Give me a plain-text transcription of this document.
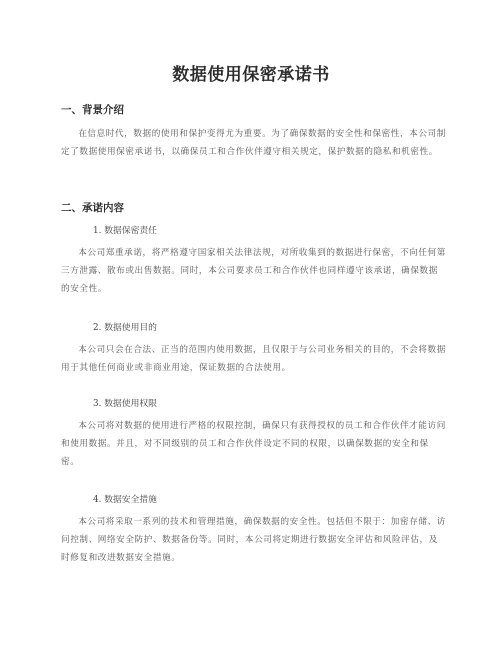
数据使用保密承诺书
一、背景介绍

在信息时代，数据的使用和保护变得尤为重要。为了确保数据的安全性和保密性，本公司制定了数据使用保密承诺书，以确保员工和合作伙伴遵守相关规定，保护数据的隐私和机密性。

二、承诺内容
1. 数据保密责任

本公司郑重承诺，将严格遵守国家相关法律法规，对所收集到的数据进行保密，不向任何第三方泄露、散布或出售数据。同时，本公司要求员工和合作伙伴也同样遵守该承诺，确保数据的安全性。

2. 数据使用目的

本公司只会在合法、正当的范围内使用数据，且仅限于与公司业务相关的目的，不会将数据用于其他任何商业或非商业用途，保证数据的合法使用。

3. 数据使用权限

本公司将对数据的使用进行严格的权限控制，确保只有获得授权的员工和合作伙伴才能访问和使用数据。并且，对不同级别的员工和合作伙伴设定不同的权限，以确保数据的安全和保密。

4. 数据安全措施

本公司将采取一系列的技术和管理措施，确保数据的安全性。包括但不限于：加密存储、访问控制、网络安全防护、数据备份等。同时，本公司将定期进行数据安全评估和风险评估，及时修复和改进数据安全措施。
